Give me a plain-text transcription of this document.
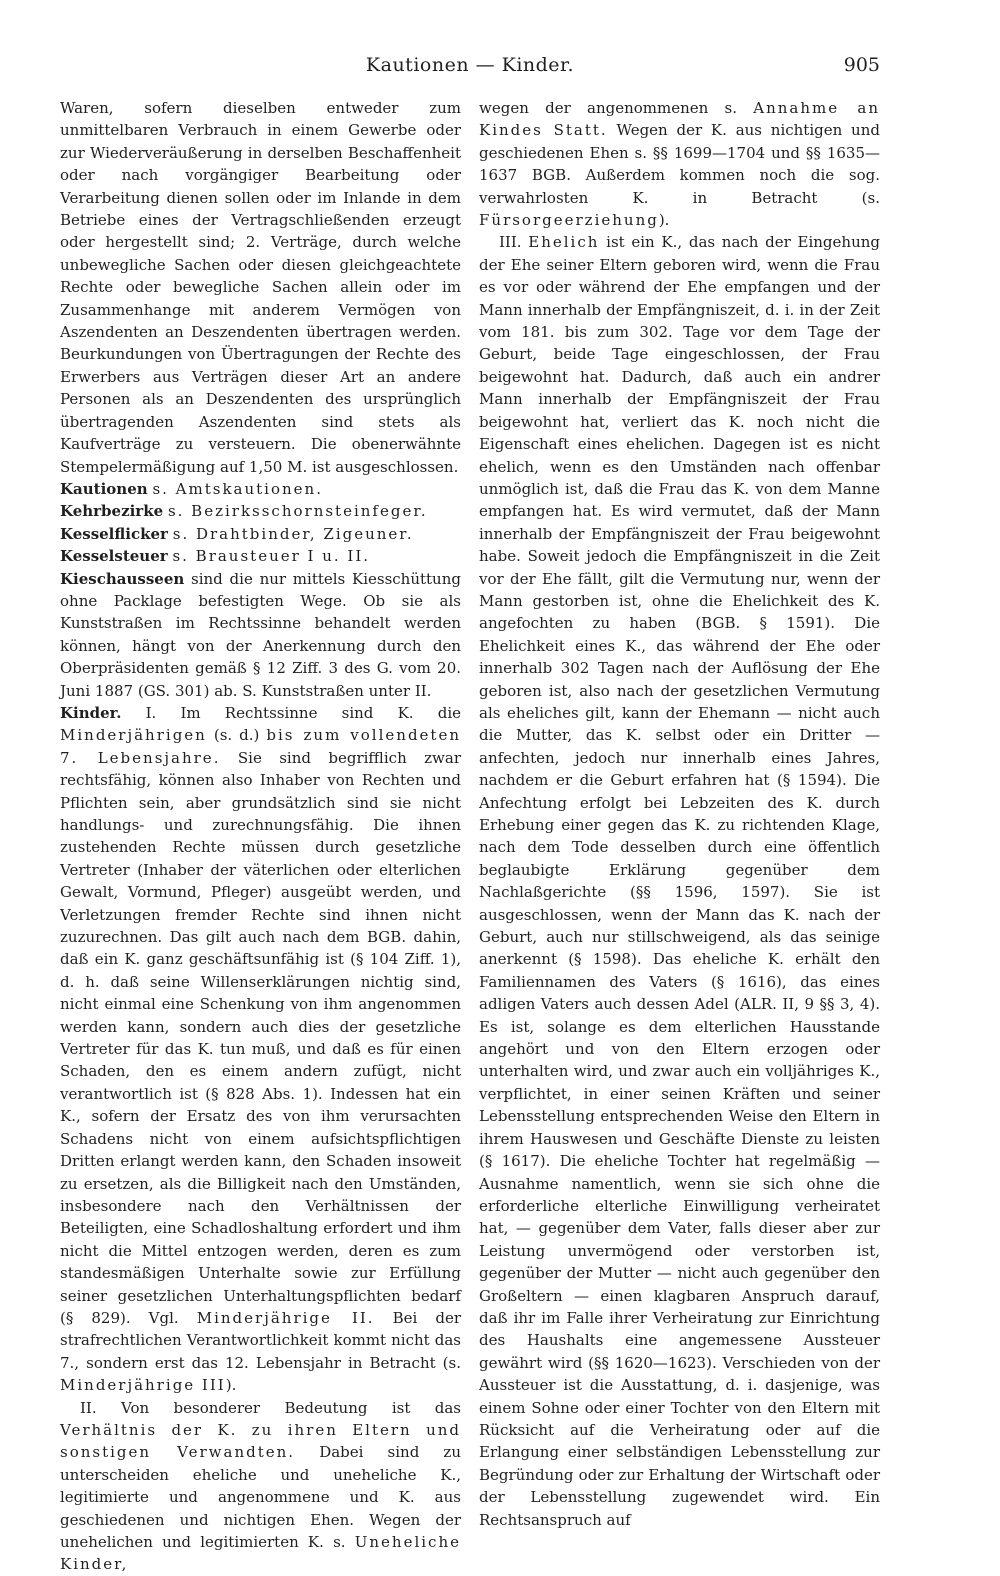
Kautionen — Kinder.	905

Waren, sofern dieselben entweder zum unmittelbaren Verbrauch in einem Gewerbe oder zur Wiederveräußerung in derselben Beschaffenheit oder nach vorgängiger Bearbeitung oder Verarbeitung dienen sollen oder im Inlande in dem Betriebe eines der Vertragschließenden erzeugt oder hergestellt sind; 2. Verträge, durch welche unbewegliche Sachen oder diesen gleichgeachtete Rechte oder bewegliche Sachen allein oder im Zusammenhange mit anderem Vermögen von Aszendenten an Deszendenten übertragen werden. Beurkundungen von Übertragungen der Rechte des Erwerbers aus Verträgen dieser Art an andere Personen als an Deszendenten des ursprünglich übertragenden Aszendenten sind stets als Kaufverträge zu versteuern. Die obenerwähnte Stempelermäßigung auf 1,50 M. ist ausgeschlossen.

Kautionen s. Amtskautionen.

Kehrbezirke s. Bezirksschornsteinfeger.

Kesselflicker s. Drahtbinder, Zigeuner.

Kesselsteuer s. Brausteuer I u. II.

Kieschausseen sind die nur mittels Kiesschüttung ohne Packlage befestigten Wege. Ob sie als Kunststraßen im Rechtssinne behandelt werden können, hängt von der Anerkennung durch den Oberpräsidenten gemäß § 12 Ziff. 3 des G. vom 20. Juni 1887 (GS. 301) ab. S. Kunststraßen unter II.

Kinder. I. Im Rechtssinne sind K. die Minderjährigen (s. d.) bis zum vollendeten 7. Lebensjahre. Sie sind begrifflich zwar rechtsfähig, können also Inhaber von Rechten und Pflichten sein, aber grundsätzlich sind sie nicht handlungs- und zurechnungsfähig. Die ihnen zustehenden Rechte müssen durch gesetzliche Vertreter (Inhaber der väterlichen oder elterlichen Gewalt, Vormund, Pfleger) ausgeübt werden, und Verletzungen fremder Rechte sind ihnen nicht zuzurechnen. Das gilt auch nach dem BGB. dahin, daß ein K. ganz geschäftsunfähig ist (§ 104 Ziff. 1), d. h. daß seine Willenserklärungen nichtig sind, nicht einmal eine Schenkung von ihm angenommen werden kann, sondern auch dies der gesetzliche Vertreter für das K. tun muß, und daß es für einen Schaden, den es einem andern zufügt, nicht verantwortlich ist (§ 828 Abs. 1). Indessen hat ein K., sofern der Ersatz des von ihm verursachten Schadens nicht von einem aufsichtspflichtigen Dritten erlangt werden kann, den Schaden insoweit zu ersetzen, als die Billigkeit nach den Umständen, insbesondere nach den Verhältnissen der Beteiligten, eine Schadloshaltung erfordert und ihm nicht die Mittel entzogen werden, deren es zum standesmäßigen Unterhalte sowie zur Erfüllung seiner gesetzlichen Unterhaltungspflichten bedarf (§ 829). Vgl. Minderjährige II. Bei der strafrechtlichen Verantwortlichkeit kommt nicht das 7., sondern erst das 12. Lebensjahr in Betracht (s. Minderjährige III).

II. Von besonderer Bedeutung ist das Verhältnis der K. zu ihren Eltern und sonstigen Verwandten. Dabei sind zu unterscheiden eheliche und uneheliche K., legitimierte und angenommene und K. aus geschiedenen und nichtigen Ehen. Wegen der unehelichen und legitimierten K. s. Uneheliche Kinder,

wegen der angenommenen s. Annahme an Kindes Statt. Wegen der K. aus nichtigen und geschiedenen Ehen s. §§ 1699—1704 und §§ 1635—1637 BGB. Außerdem kommen noch die sog. verwahrlosten K. in Betracht (s. Fürsorgeerziehung).

III. Ehelich ist ein K., das nach der Eingehung der Ehe seiner Eltern geboren wird, wenn die Frau es vor oder während der Ehe empfangen und der Mann innerhalb der Empfängniszeit, d. i. in der Zeit vom 181. bis zum 302. Tage vor dem Tage der Geburt, beide Tage eingeschlossen, der Frau beigewohnt hat. Dadurch, daß auch ein andrer Mann innerhalb der Empfängniszeit der Frau beigewohnt hat, verliert das K. noch nicht die Eigenschaft eines ehelichen. Dagegen ist es nicht ehelich, wenn es den Umständen nach offenbar unmöglich ist, daß die Frau das K. von dem Manne empfangen hat. Es wird vermutet, daß der Mann innerhalb der Empfängniszeit der Frau beigewohnt habe. Soweit jedoch die Empfängniszeit in die Zeit vor der Ehe fällt, gilt die Vermutung nur, wenn der Mann gestorben ist, ohne die Ehelichkeit des K. angefochten zu haben (BGB. § 1591). Die Ehelichkeit eines K., das während der Ehe oder innerhalb 302 Tagen nach der Auflösung der Ehe geboren ist, also nach der gesetzlichen Vermutung als eheliches gilt, kann der Ehemann — nicht auch die Mutter, das K. selbst oder ein Dritter — anfechten, jedoch nur innerhalb eines Jahres, nachdem er die Geburt erfahren hat (§ 1594). Die Anfechtung erfolgt bei Lebzeiten des K. durch Erhebung einer gegen das K. zu richtenden Klage, nach dem Tode desselben durch eine öffentlich beglaubigte Erklärung gegenüber dem Nachlaßgerichte (§§ 1596, 1597). Sie ist ausgeschlossen, wenn der Mann das K. nach der Geburt, auch nur stillschweigend, als das seinige anerkennt (§ 1598). Das eheliche K. erhält den Familiennamen des Vaters (§ 1616), das eines adligen Vaters auch dessen Adel (ALR. II, 9 §§ 3, 4). Es ist, solange es dem elterlichen Hausstande angehört und von den Eltern erzogen oder unterhalten wird, und zwar auch ein volljähriges K., verpflichtet, in einer seinen Kräften und seiner Lebensstellung entsprechenden Weise den Eltern in ihrem Hauswesen und Geschäfte Dienste zu leisten (§ 1617). Die eheliche Tochter hat regelmäßig — Ausnahme namentlich, wenn sie sich ohne die erforderliche elterliche Einwilligung verheiratet hat, — gegenüber dem Vater, falls dieser aber zur Leistung unvermögend oder verstorben ist, gegenüber der Mutter — nicht auch gegenüber den Großeltern — einen klagbaren Anspruch darauf, daß ihr im Falle ihrer Verheiratung zur Einrichtung des Haushalts eine angemessene Aussteuer gewährt wird (§§ 1620—1623). Verschieden von der Aussteuer ist die Ausstattung, d. i. dasjenige, was einem Sohne oder einer Tochter von den Eltern mit Rücksicht auf die Verheiratung oder auf die Erlangung einer selbständigen Lebensstellung zur Begründung oder zur Erhaltung der Wirtschaft oder der Lebensstellung zugewendet wird. Ein Rechtsanspruch auf
